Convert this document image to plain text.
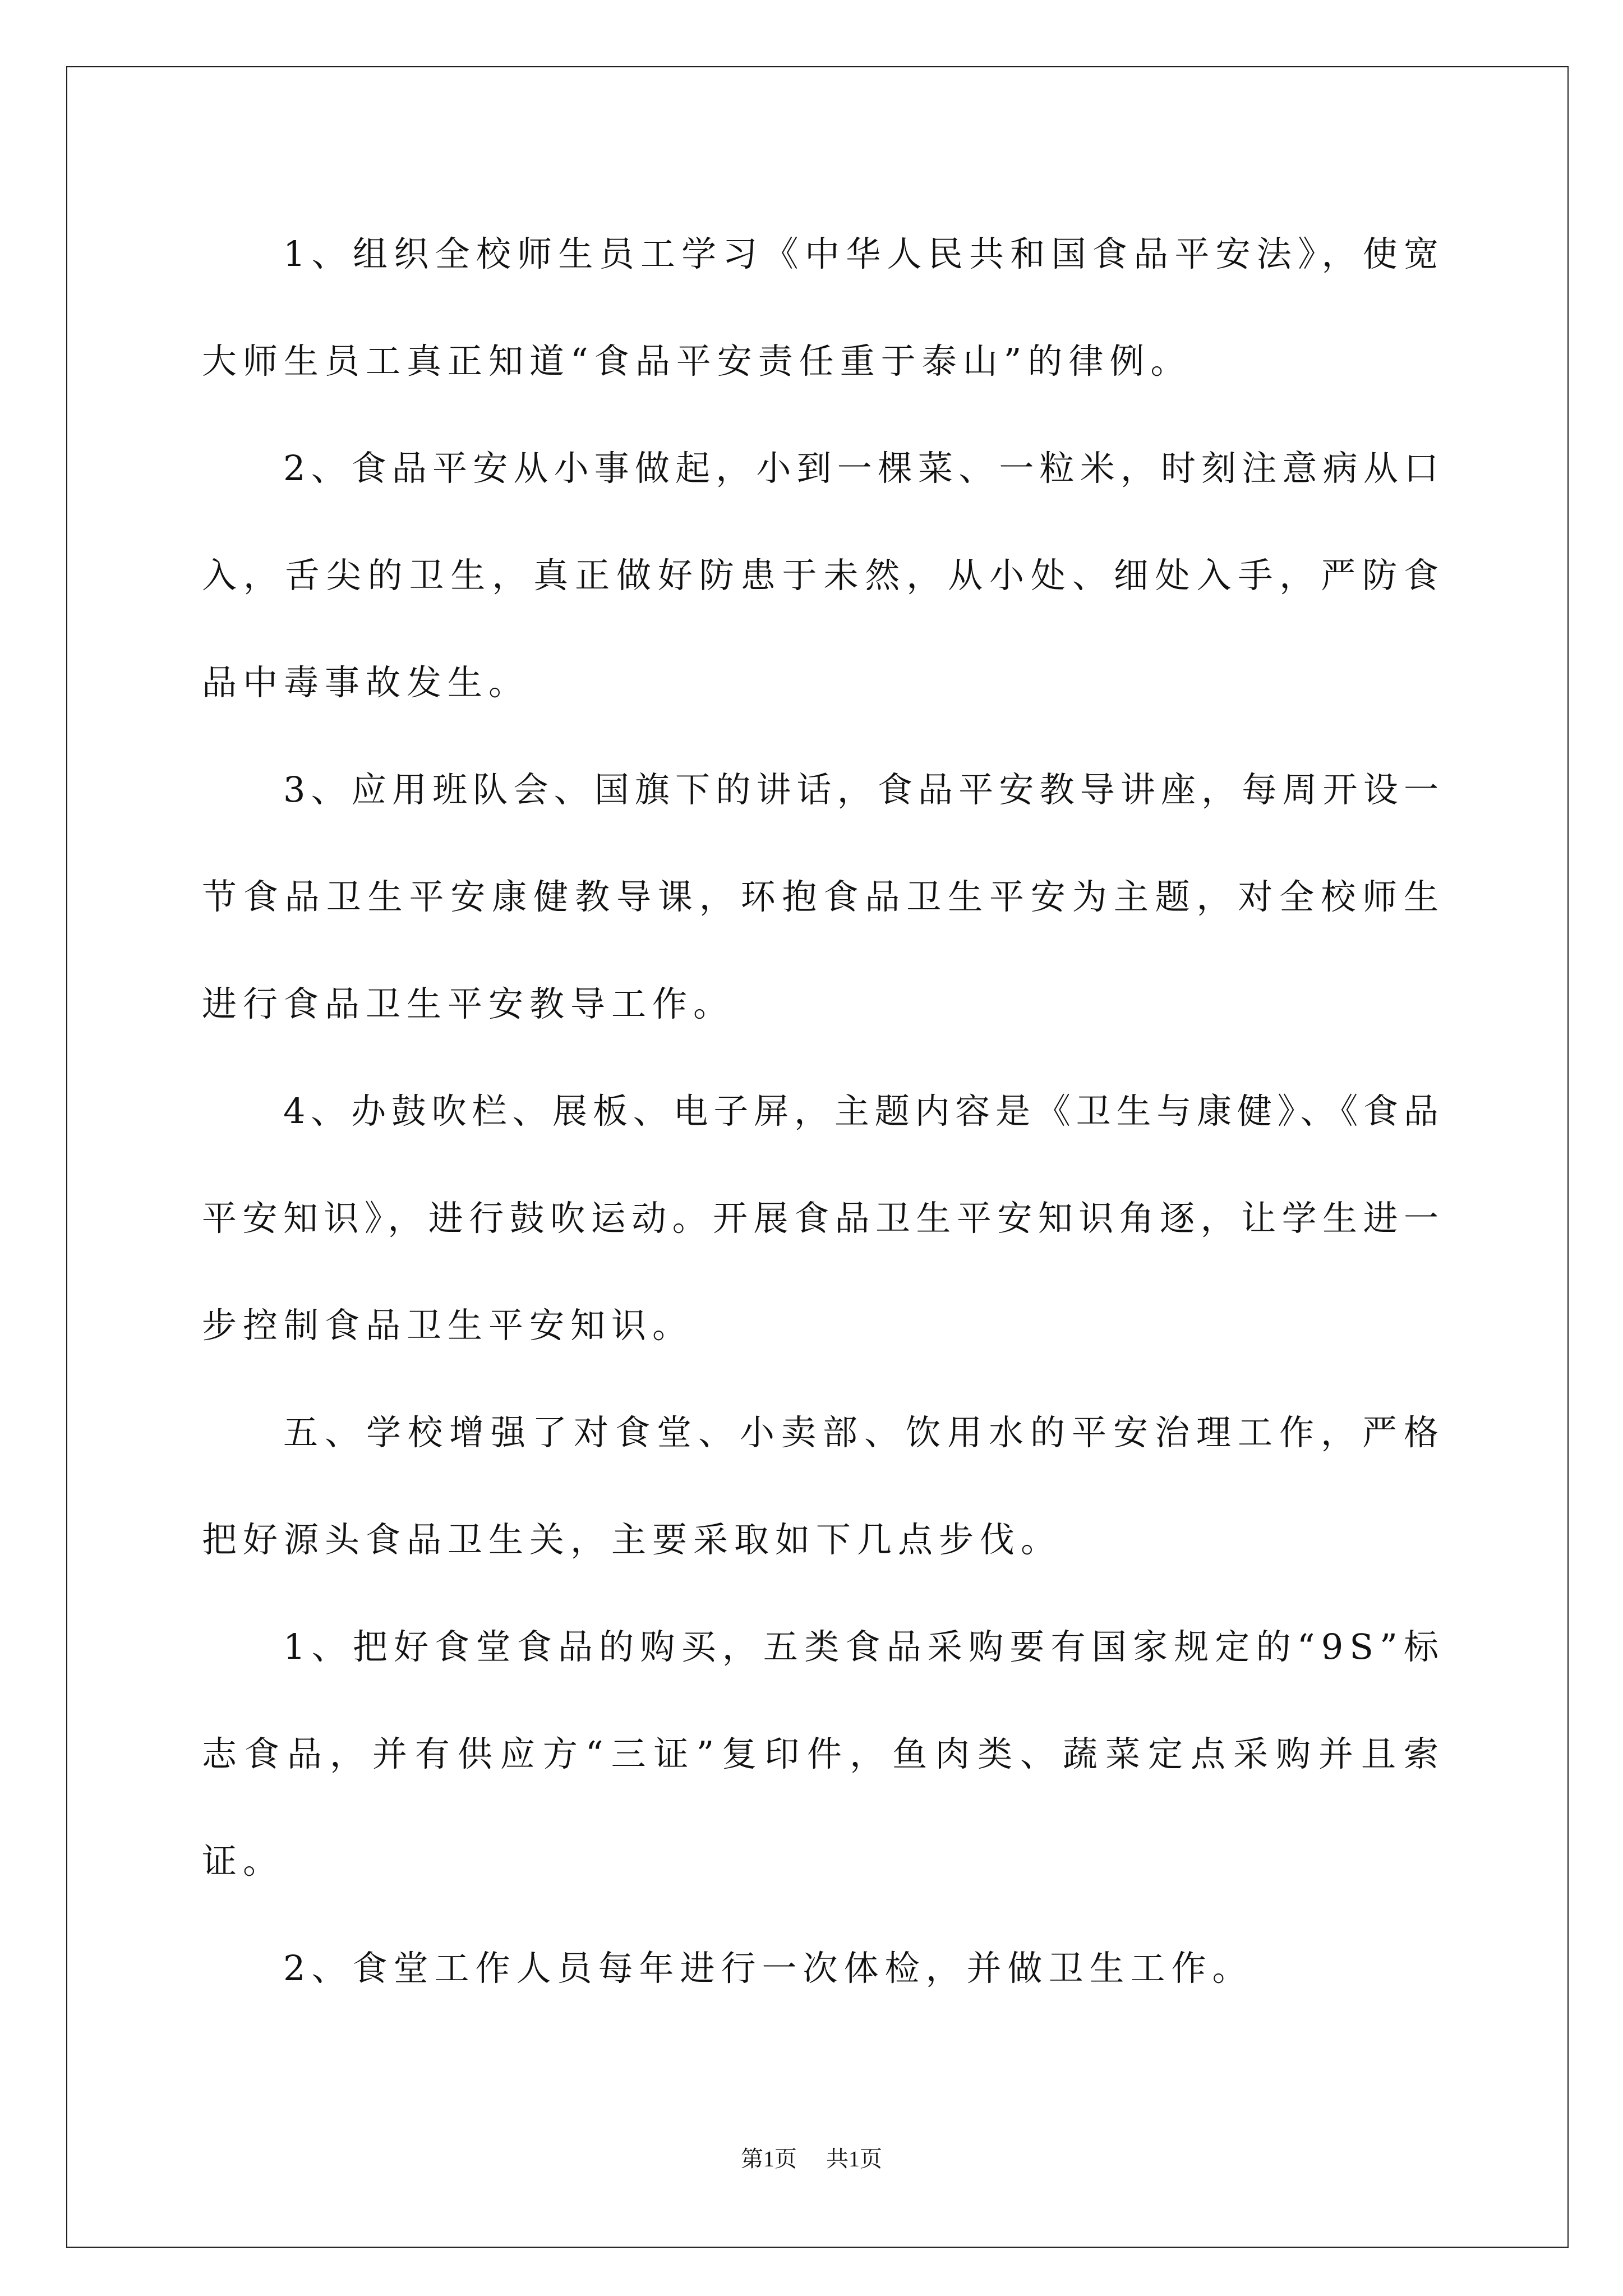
1、组织全校师生员工学习《中华人民共和国食品平安法》，使宽
大师生员工真正知道“食品平安责任重于泰山”的律例。
2、食品平安从小事做起，小到一棵菜、一粒米，时刻注意病从口
入，舌尖的卫生，真正做好防患于未然，从小处、细处入手，严防食
品中毒事故发生。
3、应用班队会、国旗下的讲话，食品平安教导讲座，每周开设一
节食品卫生平安康健教导课，环抱食品卫生平安为主题，对全校师生
进行食品卫生平安教导工作。
4、办鼓吹栏、展板、电子屏，主题内容是《卫生与康健》、《食品
平安知识》，进行鼓吹运动。开展食品卫生平安知识角逐，让学生进一
步控制食品卫生平安知识。
五、学校增强了对食堂、小卖部、饮用水的平安治理工作，严格
把好源头食品卫生关，主要采取如下几点步伐。
1、把好食堂食品的购买，五类食品采购要有国家规定的“9S”标
志食品，并有供应方“三证”复印件，鱼肉类、蔬菜定点采购并且索
证。
2、食堂工作人员每年进行一次体检，并做卫生工作。
第1页 共1页
